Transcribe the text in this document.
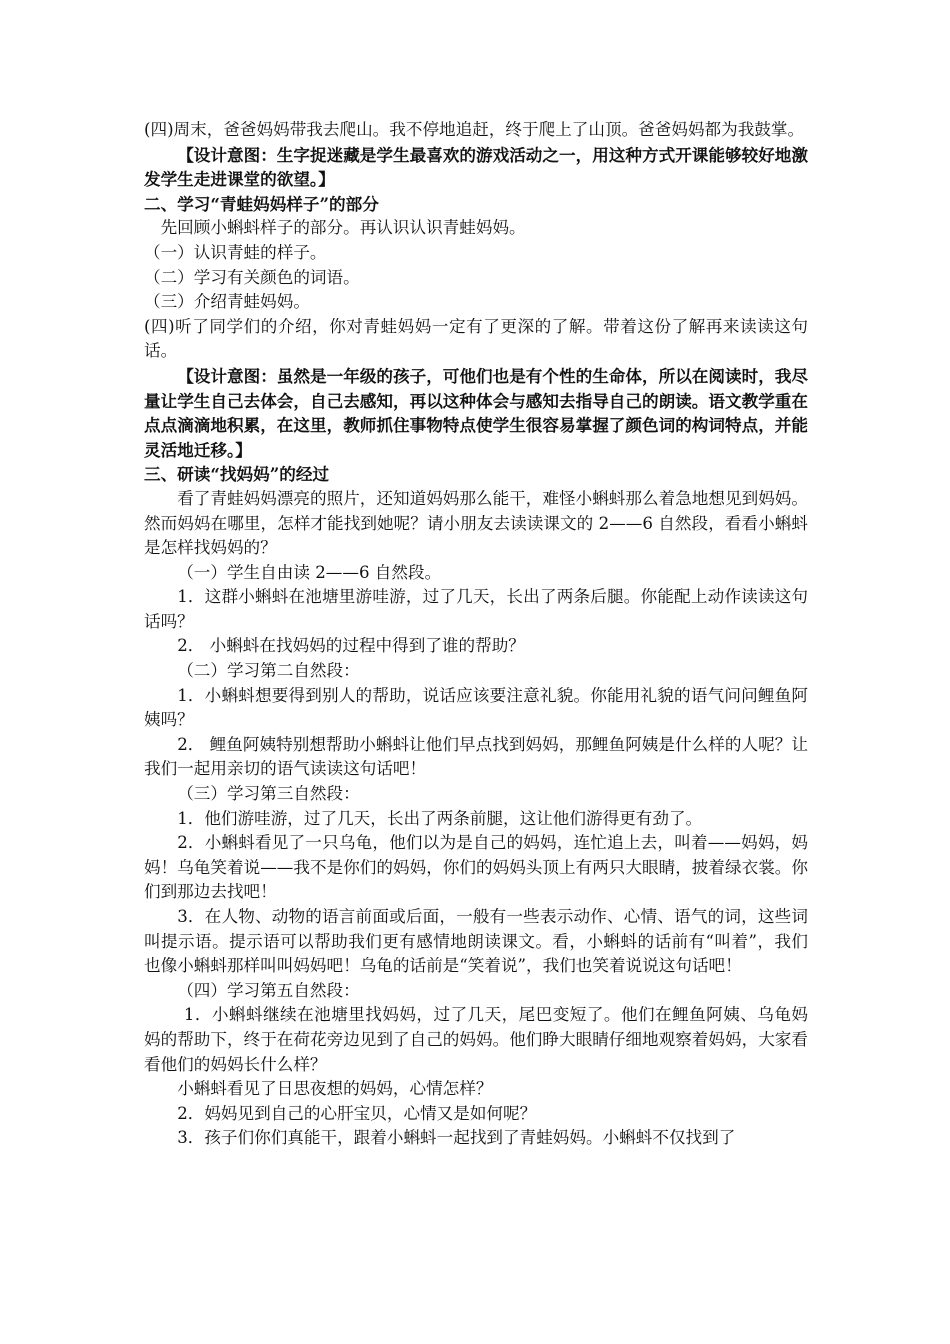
(四)周末，爸爸妈妈带我去爬山。我不停地追赶，终于爬上了山顶。爸爸妈妈都为我鼓掌。

【设计意图：生字捉迷藏是学生最喜欢的游戏活动之一，用这种方式开课能够较好地激发学生走进课堂的欲望。】

二、学习“青蛙妈妈样子”的部分

先回顾小蝌蚪样子的部分。再认识认识青蛙妈妈。

（一）认识青蛙的样子。

（二）学习有关颜色的词语。

（三）介绍青蛙妈妈。

(四)听了同学们的介绍，你对青蛙妈妈一定有了更深的了解。带着这份了解再来读读这句话。

【设计意图：虽然是一年级的孩子，可他们也是有个性的生命体，所以在阅读时，我尽量让学生自己去体会，自己去感知，再以这种体会与感知去指导自己的朗读。语文教学重在点点滴滴地积累，在这里，教师抓住事物特点使学生很容易掌握了颜色词的构词特点，并能灵活地迁移。】

三、研读“找妈妈”的经过

看了青蛙妈妈漂亮的照片，还知道妈妈那么能干，难怪小蝌蚪那么着急地想见到妈妈。然而妈妈在哪里，怎样才能找到她呢？请小朋友去读读课文的 2——6 自然段，看看小蝌蚪是怎样找妈妈的？

（一）学生自由读 2——6 自然段。

1．这群小蝌蚪在池塘里游哇游，过了几天，长出了两条后腿。你能配上动作读读这句话吗？

2． 小蝌蚪在找妈妈的过程中得到了谁的帮助？

（二）学习第二自然段：

1．小蝌蚪想要得到别人的帮助，说话应该要注意礼貌。你能用礼貌的语气问问鲤鱼阿姨吗？

2． 鲤鱼阿姨特别想帮助小蝌蚪让他们早点找到妈妈，那鲤鱼阿姨是什么样的人呢？让我们一起用亲切的语气读读这句话吧！

（三）学习第三自然段：

1．他们游哇游，过了几天，长出了两条前腿，这让他们游得更有劲了。

2．小蝌蚪看见了一只乌龟，他们以为是自己的妈妈，连忙追上去，叫着——妈妈，妈妈！乌龟笑着说——我不是你们的妈妈，你们的妈妈头顶上有两只大眼睛，披着绿衣裳。你们到那边去找吧！

3．在人物、动物的语言前面或后面，一般有一些表示动作、心情、语气的词，这些词叫提示语。提示语可以帮助我们更有感情地朗读课文。看，小蝌蚪的话前有“叫着”，我们也像小蝌蚪那样叫叫妈妈吧！乌龟的话前是“笑着说”，我们也笑着说说这句话吧！

（四）学习第五自然段：

1．小蝌蚪继续在池塘里找妈妈，过了几天，尾巴变短了。他们在鲤鱼阿姨、乌龟妈妈的帮助下，终于在荷花旁边见到了自己的妈妈。他们睁大眼睛仔细地观察着妈妈，大家看看他们的妈妈长什么样？

小蝌蚪看见了日思夜想的妈妈，心情怎样？

2．妈妈见到自己的心肝宝贝，心情又是如何呢？

3．孩子们你们真能干，跟着小蝌蚪一起找到了青蛙妈妈。小蝌蚪不仅找到了
